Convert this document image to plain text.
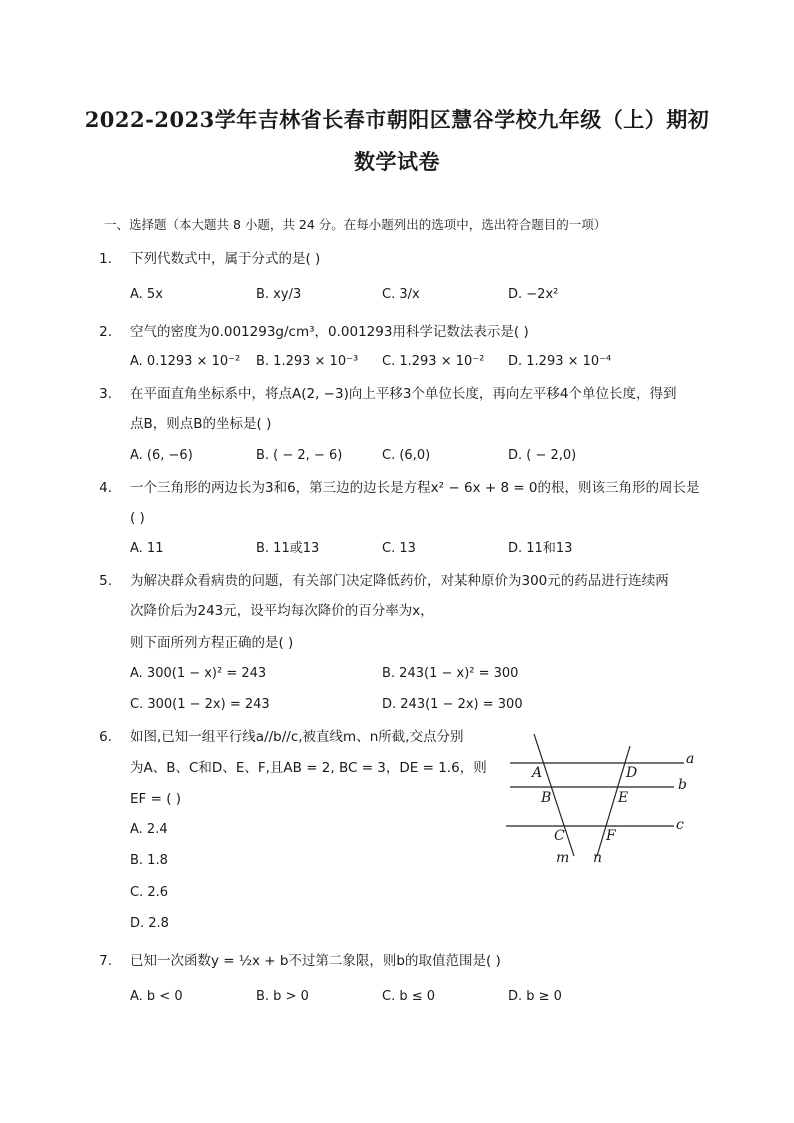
2022-2023学年吉林省长春市朝阳区慧谷学校九年级（上）期初
数学试卷
一、选择题（本大题共 8 小题，共 24 分。在每小题列出的选项中，选出符合题目的一项）
1. 下列代数式中，属于分式的是( )
A. 5x	B. xy/3	C. 3/x	D. −2x²
2. 空气的密度为0.001293g/cm³，0.001293用科学记数法表示是( )
A. 0.1293 × 10⁻² B. 1.293 × 10⁻³ C. 1.293 × 10⁻² D. 1.293 × 10⁻⁴
3. 在平面直角坐标系中，将点A(2, −3)向上平移3个单位长度，再向左平移4个单位长度，得到
点B，则点B的坐标是( )
A. (6, −6)	B. ( − 2, − 6)	C. (6,0)	D. ( − 2,0)
4. 一个三角形的两边长为3和6，第三边的边长是方程x² − 6x + 8 = 0的根，则该三角形的周长是
( )
A. 11	B. 11或13	C. 13	D. 11和13
5. 为解决群众看病贵的问题，有关部门决定降低药价，对某种原价为300元的药品进行连续两
次降价后为243元，设平均每次降价的百分率为x，
则下面所列方程正确的是( )
A. 300(1 − x)² = 243	B. 243(1 − x)² = 300
C. 300(1 − 2x) = 243	D. 243(1 − 2x) = 300
6. 如图,已知一组平行线a//b//c,被直线m、n所截,交点分别
为A、B、C和D、E、F,且AB = 2, BC = 3，DE = 1.6，则
EF = ( )
A. 2.4
B. 1.8
C. 2.6
D. 2.8
a
b
c
m n
A
B
C
D
E
F
7. 已知一次函数y = ½x + b不过第二象限，则b的取值范围是( )
A. b < 0	B. b > 0	C. b ≤ 0	D. b ≥ 0
